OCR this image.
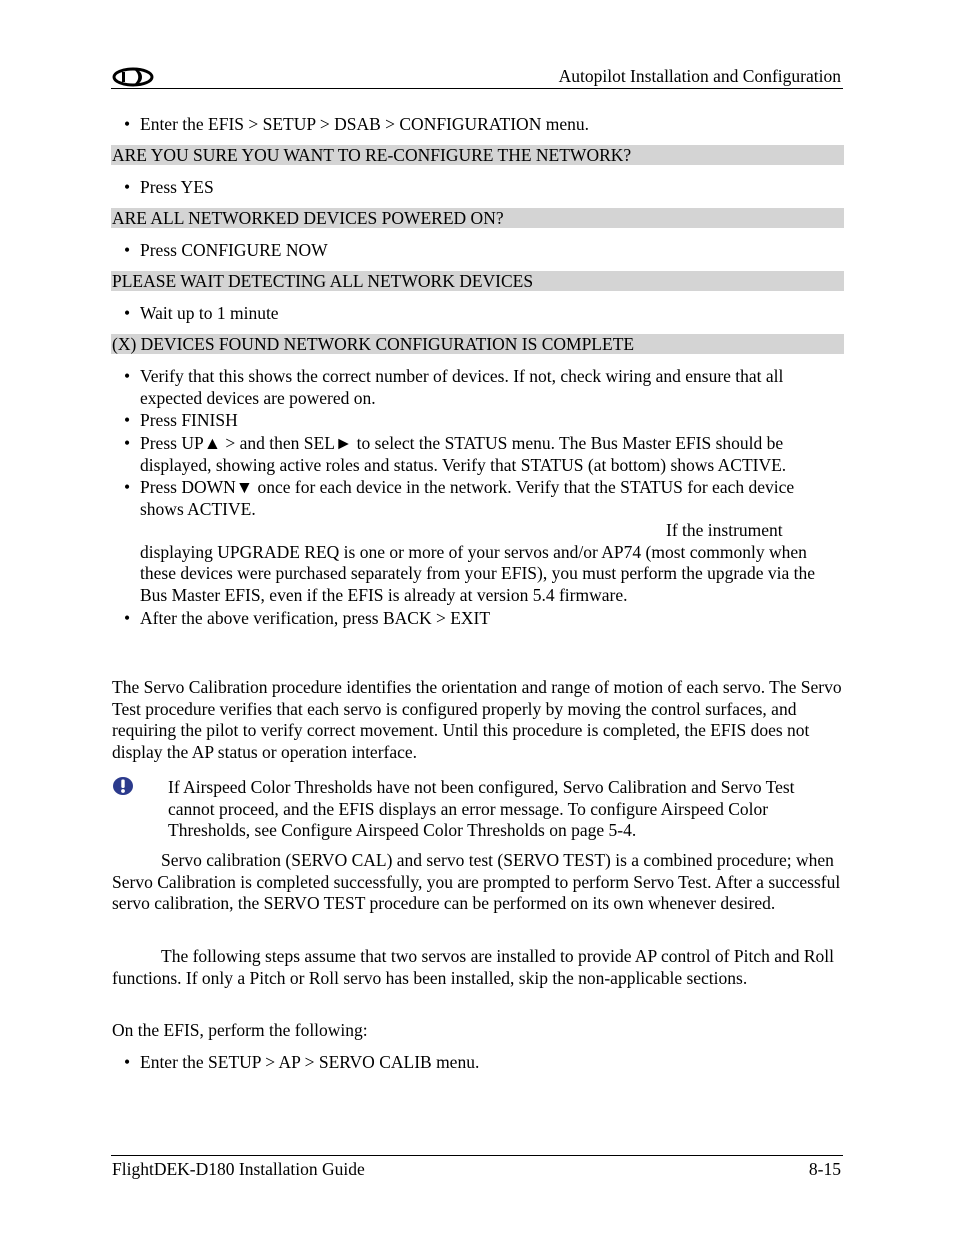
Autopilot Installation and Configuration
• Enter the EFIS > SETUP > DSAB > CONFIGURATION menu.
ARE YOU SURE YOU WANT TO RE-CONFIGURE THE NETWORK?
• Press YES
ARE ALL NETWORKED DEVICES POWERED ON?
• Press CONFIGURE NOW
PLEASE WAIT DETECTING ALL NETWORK DEVICES
• Wait up to 1 minute
(X) DEVICES FOUND NETWORK CONFIGURATION IS COMPLETE
• Verify that this shows the correct number of devices. If not, check wiring and ensure that all expected devices are powered on.
• Press FINISH
• Press UP▲ > and then SEL► to select the STATUS menu. The Bus Master EFIS should be displayed, showing active roles and status. Verify that STATUS (at bottom) shows ACTIVE.
• Press DOWN▼ once for each device in the network. Verify that the STATUS for each device shows ACTIVE.
If the instrument
displaying UPGRADE REQ is one or more of your servos and/or AP74 (most commonly when these devices were purchased separately from your EFIS), you must perform the upgrade via the Bus Master EFIS, even if the EFIS is already at version 5.4 firmware.
• After the above verification, press BACK > EXIT
The Servo Calibration procedure identifies the orientation and range of motion of each servo. The Servo Test procedure verifies that each servo is configured properly by moving the control surfaces, and requiring the pilot to verify correct movement. Until this procedure is completed, the EFIS does not display the AP status or operation interface.
If Airspeed Color Thresholds have not been configured, Servo Calibration and Servo Test cannot proceed, and the EFIS displays an error message. To configure Airspeed Color Thresholds, see Configure Airspeed Color Thresholds on page 5-4.
Servo calibration (SERVO CAL) and servo test (SERVO TEST) is a combined procedure; when Servo Calibration is completed successfully, you are prompted to perform Servo Test. After a successful servo calibration, the SERVO TEST procedure can be performed on its own whenever desired.
The following steps assume that two servos are installed to provide AP control of Pitch and Roll functions. If only a Pitch or Roll servo has been installed, skip the non-applicable sections.
On the EFIS, perform the following:
• Enter the SETUP > AP > SERVO CALIB menu.
FlightDEK-D180 Installation Guide	8-15
